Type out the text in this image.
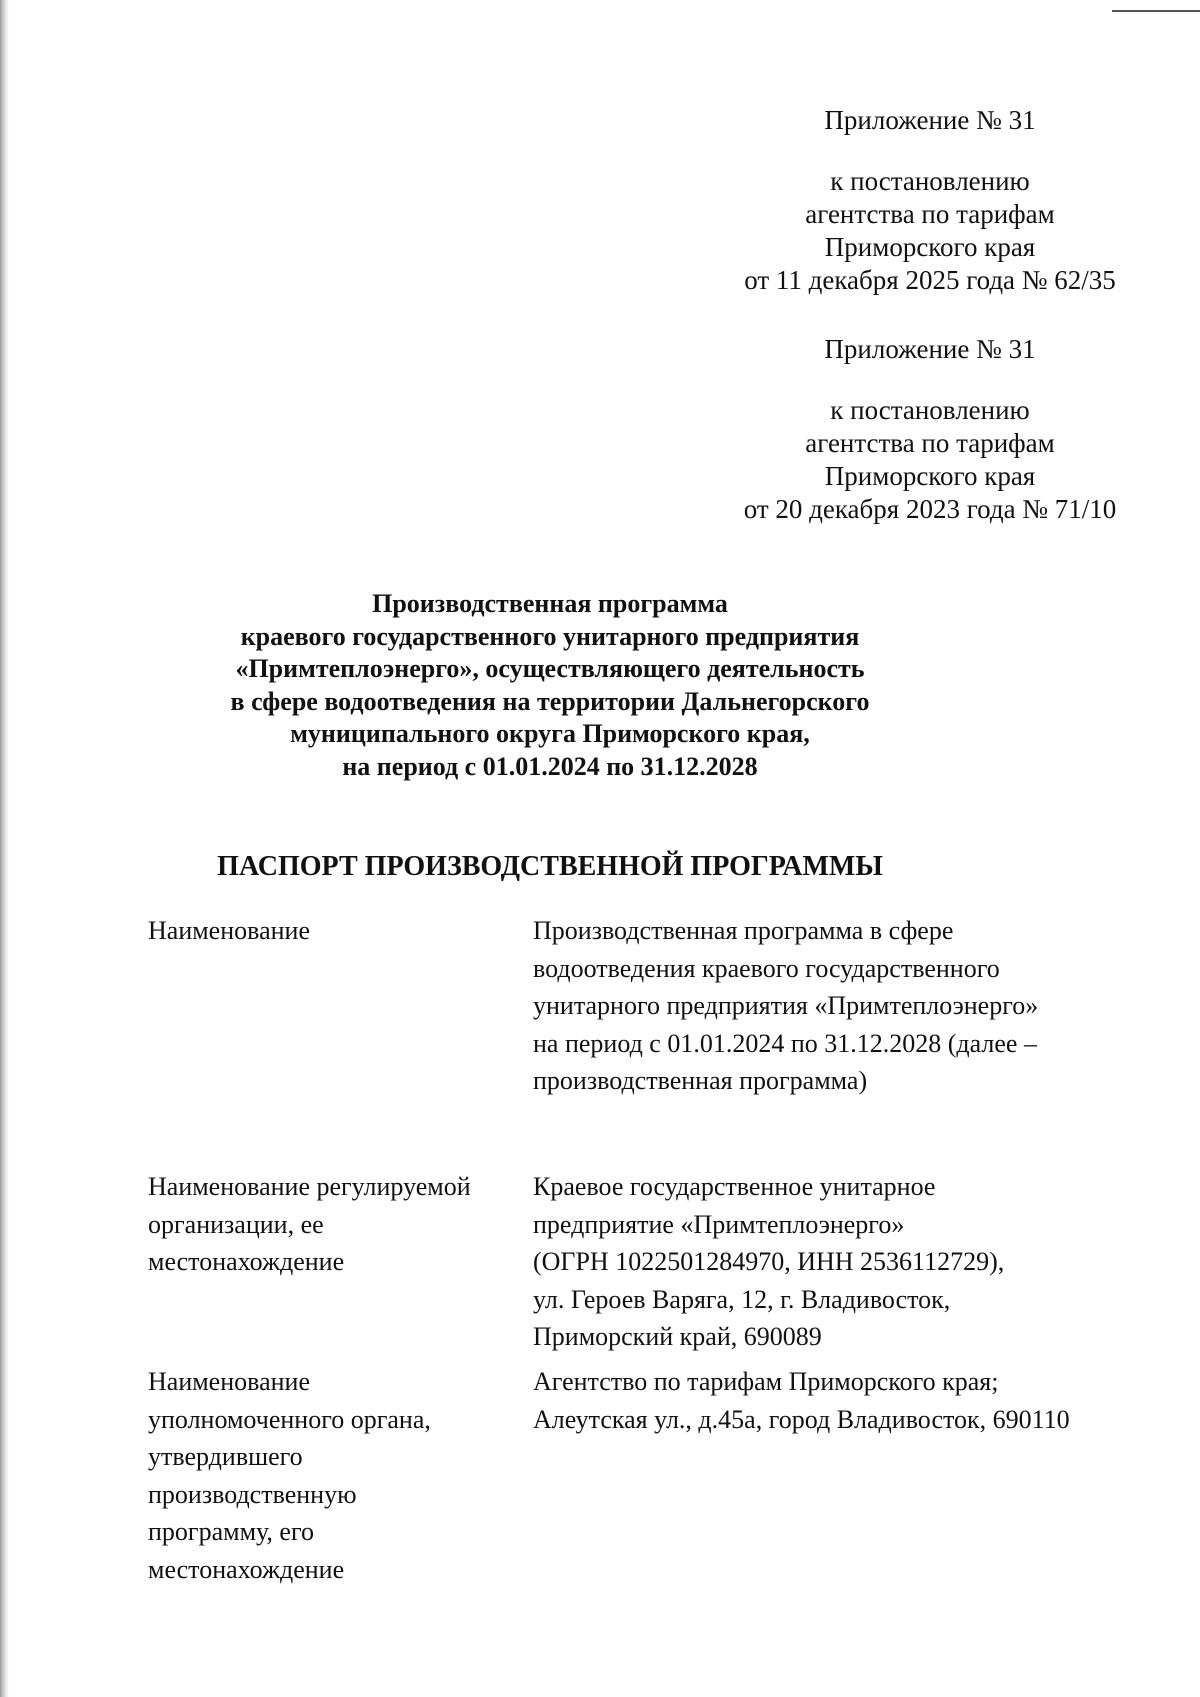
Приложение № 31
к постановлению
агентства по тарифам
Приморского края
от 11 декабря 2025 года № 62/35
Приложение № 31
к постановлению
агентства по тарифам
Приморского края
от 20 декабря 2023 года № 71/10
Производственная программа
краевого государственного унитарного предприятия
«Примтеплоэнерго», осуществляющего деятельность
в сфере водоотведения на территории Дальнегорского
муниципального округа Приморского края,
на период с 01.01.2024 по 31.12.2028
ПАСПОРТ ПРОИЗВОДСТВЕННОЙ ПРОГРАММЫ
Наименование	Производственная программа в сфере
водоотведения краевого государственного
унитарного предприятия «Примтеплоэнерго»
на период с 01.01.2024 по 31.12.2028 (далее –
производственная программа)
Наименование регулируемой
организации, ее
местонахождение
Краевое государственное унитарное
предприятие «Примтеплоэнерго»
(ОГРН 1022501284970, ИНН 2536112729),
ул. Героев Варяга, 12, г. Владивосток,
Приморский край, 690089
Наименование
уполномоченного органа,
утвердившего
производственную
программу, его
местонахождение
Агентство по тарифам Приморского края;
Алеутская ул., д.45а, город Владивосток, 690110
